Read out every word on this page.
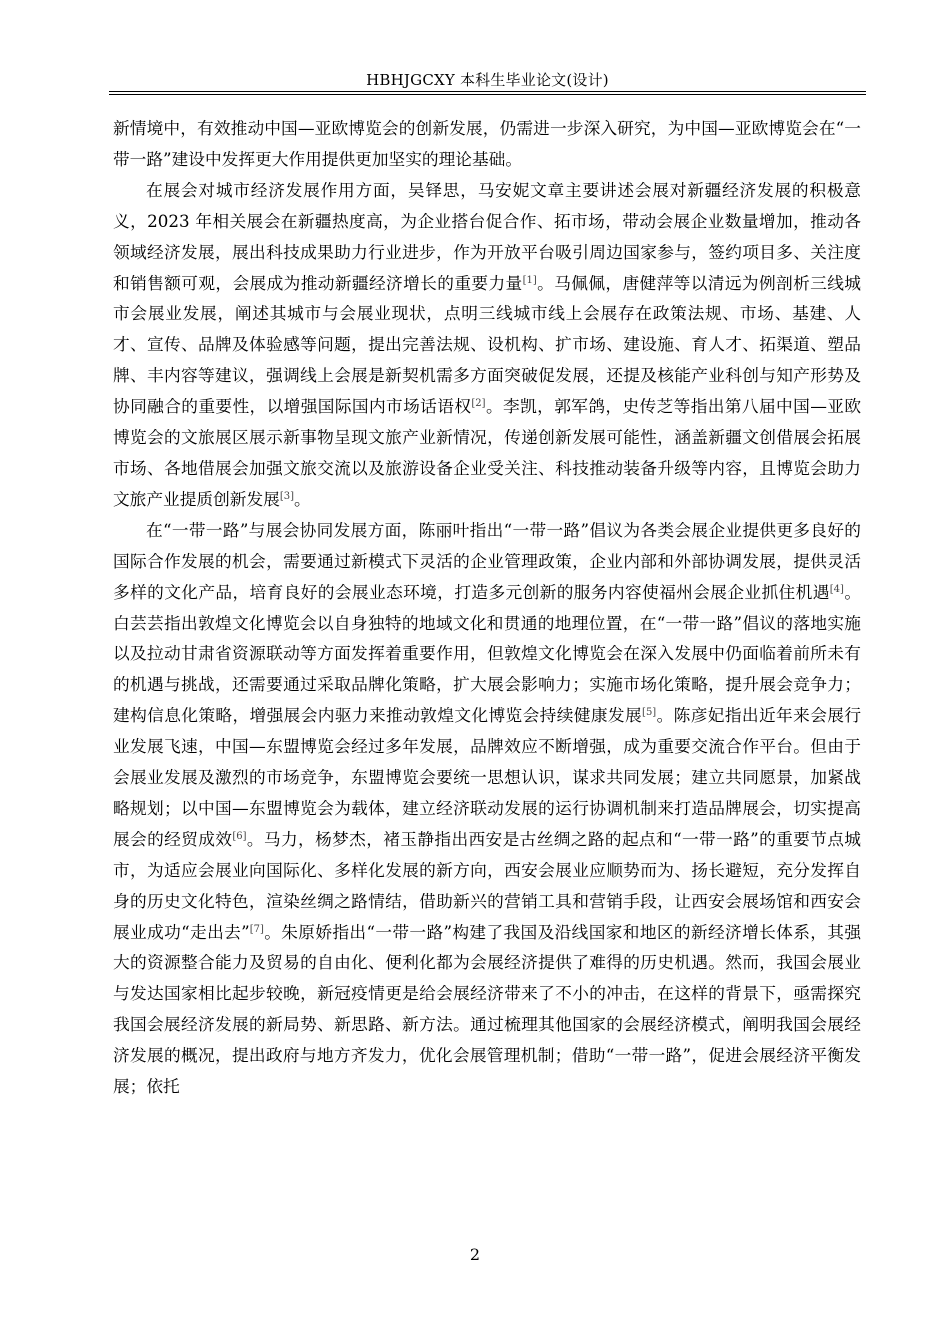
HBHJGCXY 本科生毕业论文(设计)

新情境中，有效推动中国—亚欧博览会的创新发展，仍需进一步深入研究，为中国—亚欧博览会在“一带一路”建设中发挥更大作用提供更加坚实的理论基础。

在展会对城市经济发展作用方面，吴铎思，马安妮文章主要讲述会展对新疆经济发展的积极意义，2023 年相关展会在新疆热度高，为企业搭台促合作、拓市场，带动会展企业数量增加，推动各领域经济发展，展出科技成果助力行业进步，作为开放平台吸引周边国家参与，签约项目多、关注度和销售额可观，会展成为推动新疆经济增长的重要力量[1]。马佩佩，唐健萍等以清远为例剖析三线城市会展业发展，阐述其城市与会展业现状，点明三线城市线上会展存在政策法规、市场、基建、人才、宣传、品牌及体验感等问题，提出完善法规、设机构、扩市场、建设施、育人才、拓渠道、塑品牌、丰内容等建议，强调线上会展是新契机需多方面突破促发展，还提及核能产业科创与知产形势及协同融合的重要性，以增强国际国内市场话语权[2]。李凯，郭军鸽，史传芝等指出第八届中国—亚欧博览会的文旅展区展示新事物呈现文旅产业新情况，传递创新发展可能性，涵盖新疆文创借展会拓展市场、各地借展会加强文旅交流以及旅游设备企业受关注、科技推动装备升级等内容，且博览会助力文旅产业提质创新发展[3]。

在“一带一路”与展会协同发展方面，陈丽叶指出“一带一路”倡议为各类会展企业提供更多良好的国际合作发展的机会，需要通过新模式下灵活的企业管理政策，企业内部和外部协调发展，提供灵活多样的文化产品，培育良好的会展业态环境，打造多元创新的服务内容使福州会展企业抓住机遇[4]。白芸芸指出敦煌文化博览会以自身独特的地域文化和贯通的地理位置，在“一带一路”倡议的落地实施以及拉动甘肃省资源联动等方面发挥着重要作用，但敦煌文化博览会在深入发展中仍面临着前所未有的机遇与挑战，还需要通过采取品牌化策略，扩大展会影响力；实施市场化策略，提升展会竞争力；建构信息化策略，增强展会内驱力来推动敦煌文化博览会持续健康发展[5]。陈彦妃指出近年来会展行业发展飞速，中国—东盟博览会经过多年发展，品牌效应不断增强，成为重要交流合作平台。但由于会展业发展及激烈的市场竞争，东盟博览会要统一思想认识，谋求共同发展；建立共同愿景，加紧战略规划；以中国—东盟博览会为载体，建立经济联动发展的运行协调机制来打造品牌展会，切实提高展会的经贸成效[6]。马力，杨梦杰，褚玉静指出西安是古丝绸之路的起点和“一带一路”的重要节点城市，为适应会展业向国际化、多样化发展的新方向，西安会展业应顺势而为、扬长避短，充分发挥自身的历史文化特色，渲染丝绸之路情结，借助新兴的营销工具和营销手段，让西安会展场馆和西安会展业成功“走出去”[7]。朱原娇指出“一带一路”构建了我国及沿线国家和地区的新经济增长体系，其强大的资源整合能力及贸易的自由化、便利化都为会展经济提供了难得的历史机遇。然而，我国会展业与发达国家相比起步较晚，新冠疫情更是给会展经济带来了不小的冲击，在这样的背景下，亟需探究我国会展经济发展的新局势、新思路、新方法。通过梳理其他国家的会展经济模式，阐明我国会展经济发展的概况，提出政府与地方齐发力，优化会展管理机制；借助“一带一路”，促进会展经济平衡发展；依托

2
